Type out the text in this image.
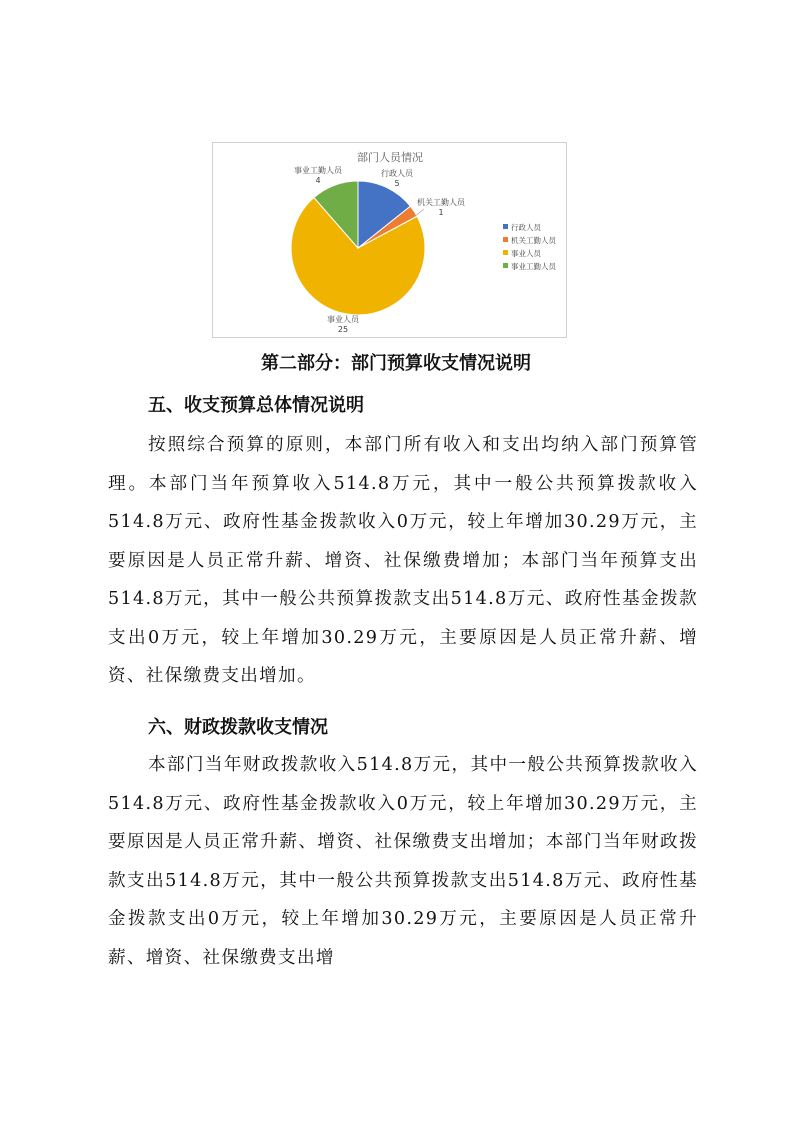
部门人员情况
行政人员
5
机关工勤人员
1
事业人员
25
事业工勤人员
4
行政人员
机关工勤人员
事业人员
事业工勤人员
第二部分：部门预算收支情况说明
五、收支预算总体情况说明
按照综合预算的原则，本部门所有收入和支出均纳入部门预算管理。本部门当年预算收入514.8万元，其中一般公共预算拨款收入514.8万元、政府性基金拨款收入0万元，较上年增加30.29万元，主要原因是人员正常升薪、增资、社保缴费增加；本部门当年预算支出514.8万元，其中一般公共预算拨款支出514.8万元、政府性基金拨款支出0万元，较上年增加30.29万元，主要原因是人员正常升薪、增资、社保缴费支出增加。
六、财政拨款收支情况
本部门当年财政拨款收入514.8万元，其中一般公共预算拨款收入514.8万元、政府性基金拨款收入0万元，较上年增加30.29万元，主要原因是人员正常升薪、增资、社保缴费支出增加；本部门当年财政拨款支出514.8万元，其中一般公共预算拨款支出514.8万元、政府性基金拨款支出0万元，较上年增加30.29万元，主要原因是人员正常升薪、增资、社保缴费支出增
